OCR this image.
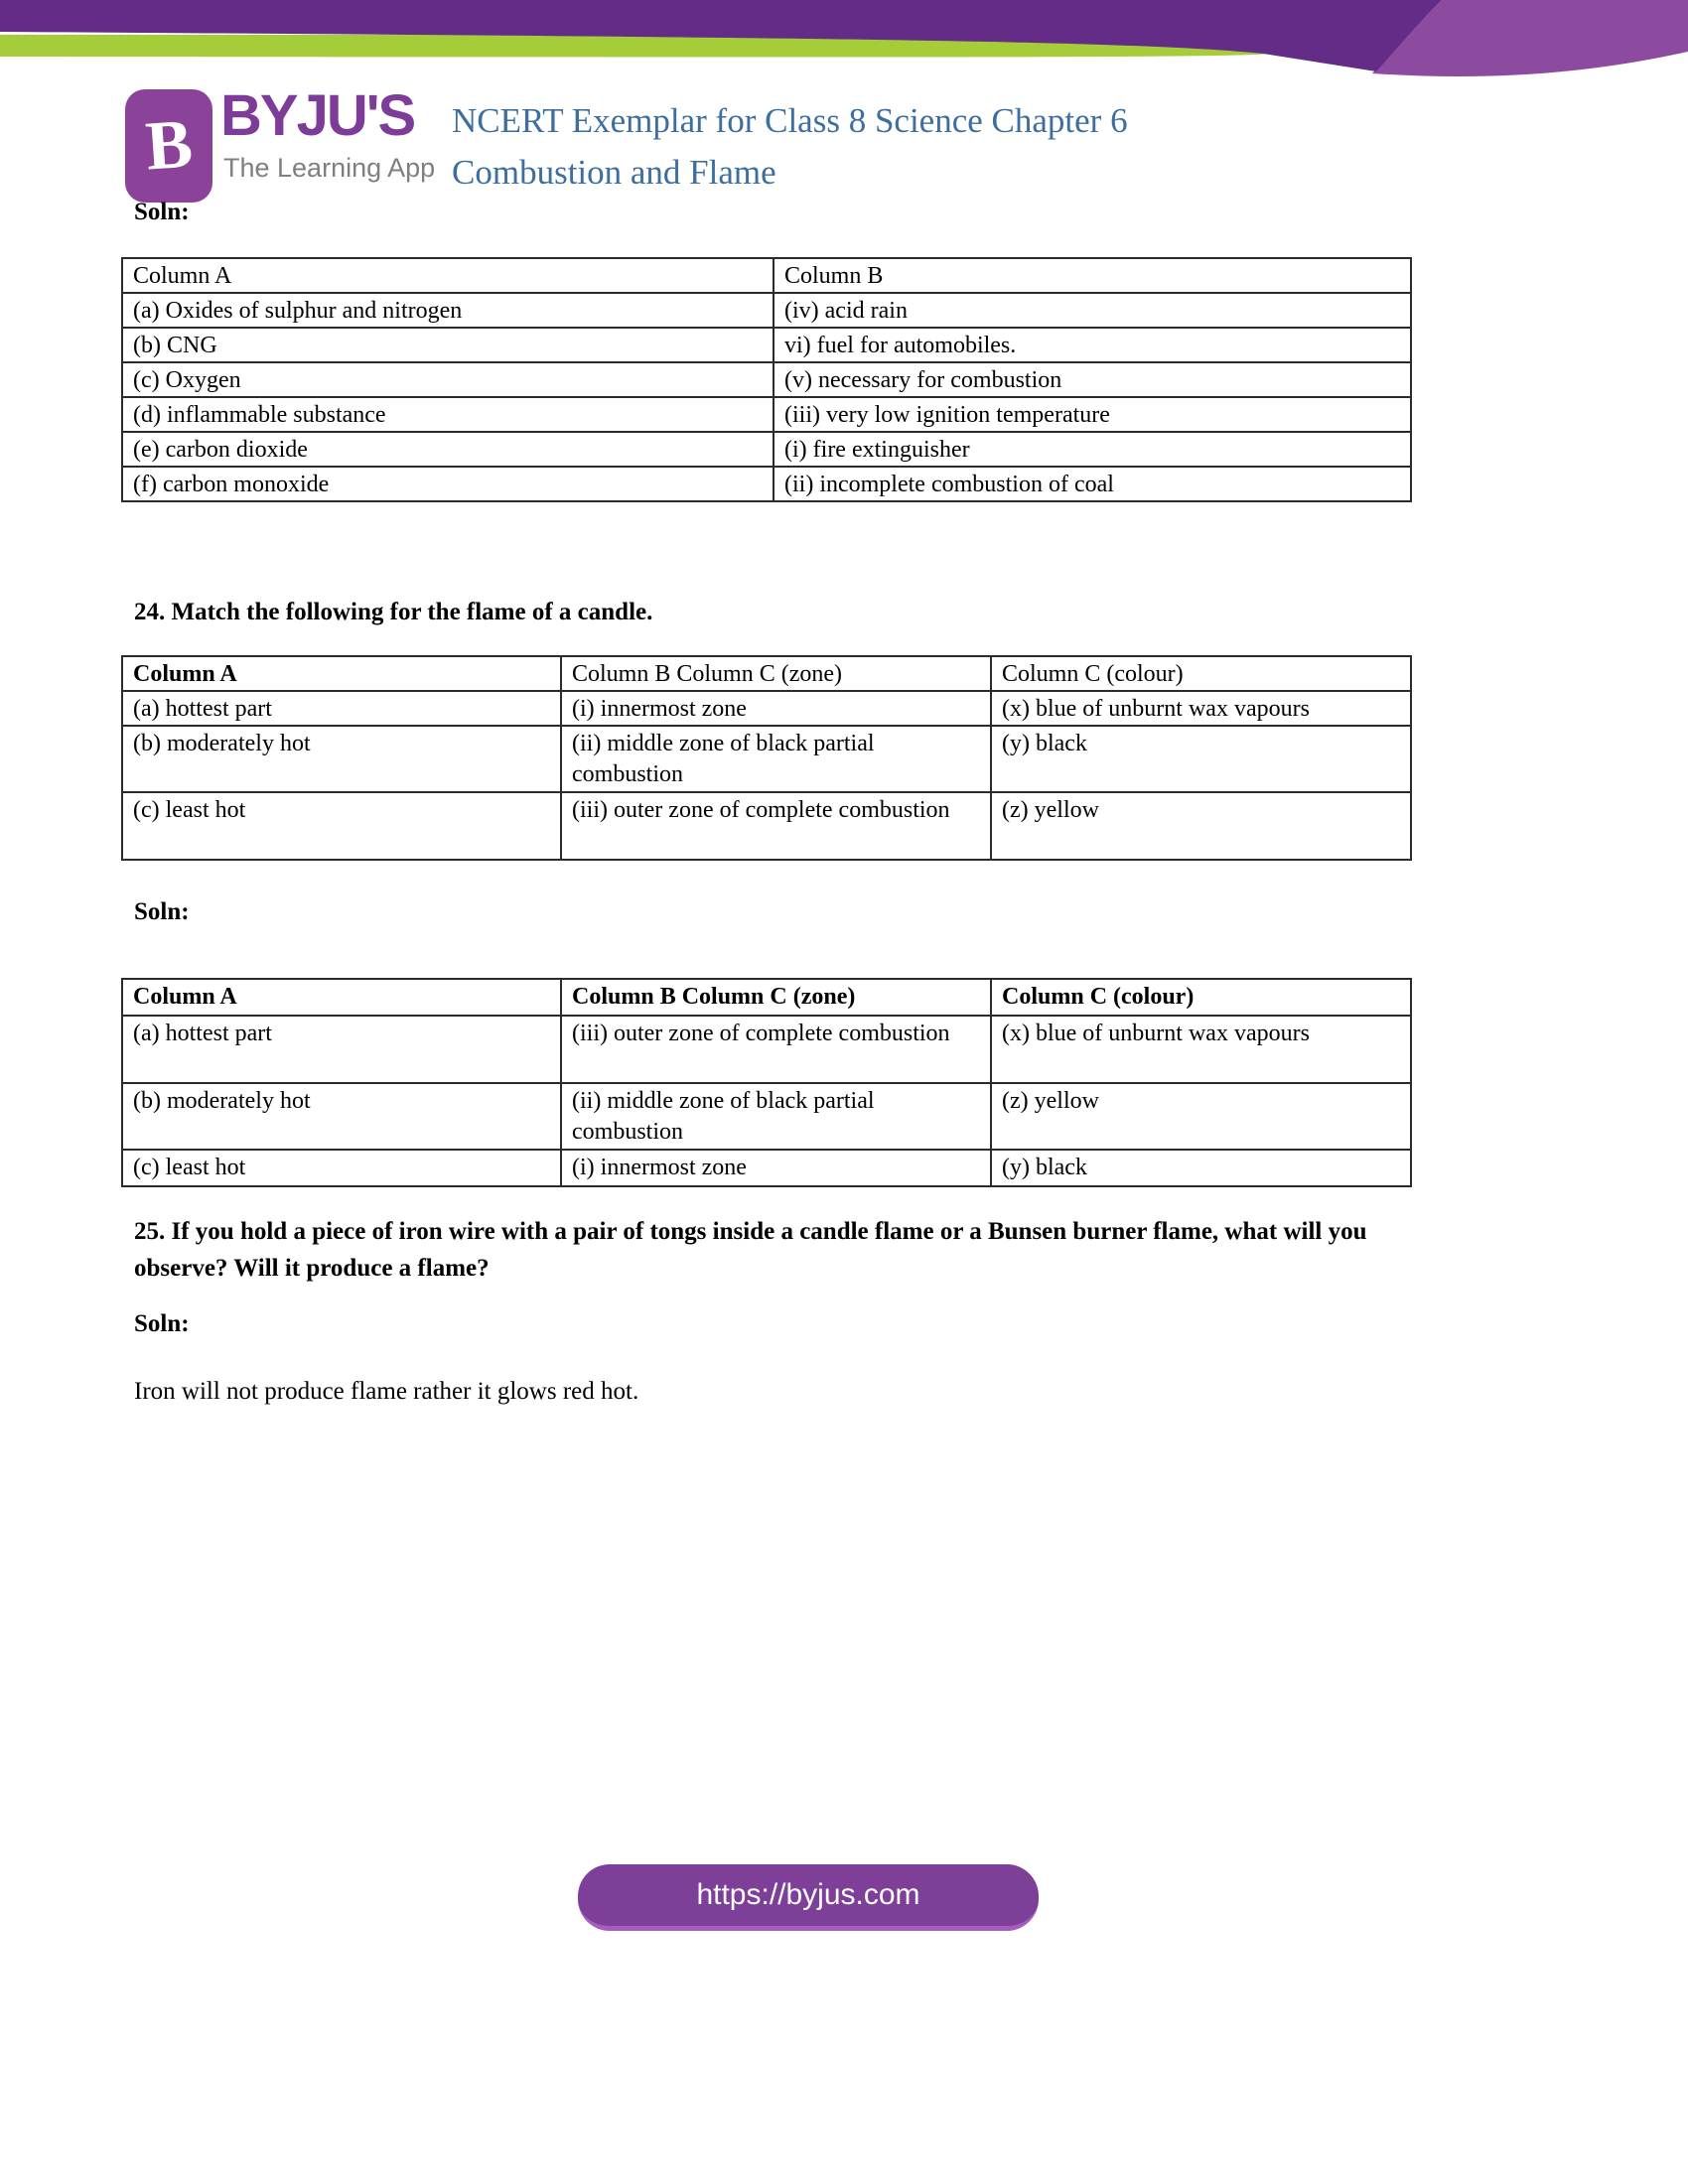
B BYJU'S
The Learning App
NCERT Exemplar for Class 8 Science Chapter 6
Combustion and Flame
Soln:
Column A	Column B
(a) Oxides of sulphur and nitrogen	(iv) acid rain
(b) CNG	vi) fuel for automobiles.
(c) Oxygen	(v) necessary for combustion
(d) inflammable substance	(iii) very low ignition temperature
(e) carbon dioxide	(i) fire extinguisher
(f) carbon monoxide	(ii) incomplete combustion of coal
24. Match the following for the flame of a candle.
Column A	Column B Column C (zone)	Column C (colour)
(a) hottest part	(i) innermost zone	(x) blue of unburnt wax vapours
(b) moderately hot	(ii) middle zone of black partial combustion	(y) black
(c) least hot	(iii) outer zone of complete combustion	(z) yellow
Soln:
Column A	Column B Column C (zone)	Column C (colour)
(a) hottest part	(iii) outer zone of complete combustion	(x) blue of unburnt wax vapours
(b) moderately hot	(ii) middle zone of black partial combustion	(z) yellow
(c) least hot	(i) innermost zone	(y) black
25. If you hold a piece of iron wire with a pair of tongs inside a candle flame or a Bunsen burner flame, what will you observe? Will it produce a flame?
Soln:
Iron will not produce flame rather it glows red hot.
https://byjus.com
